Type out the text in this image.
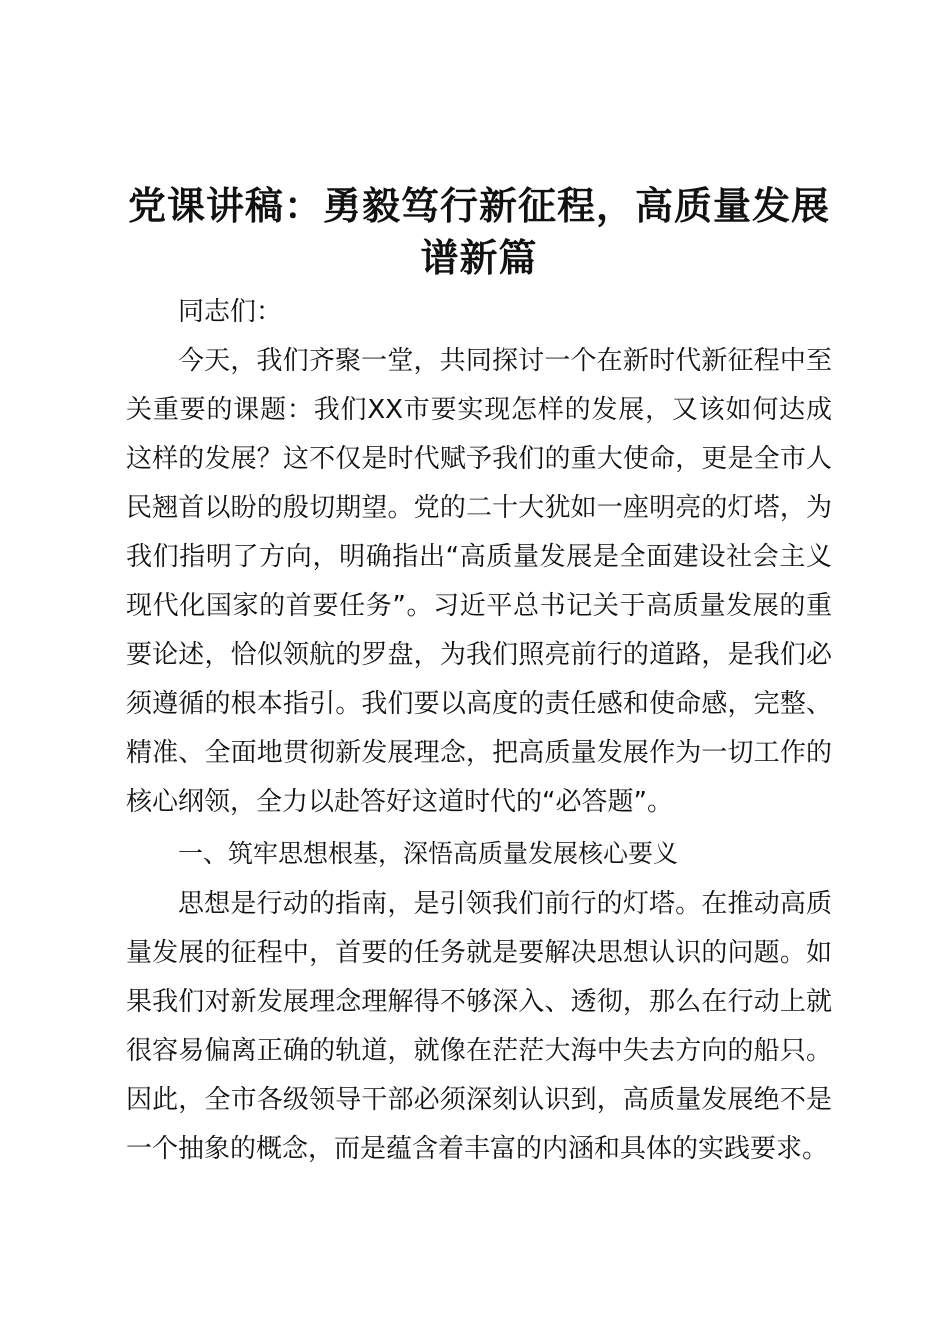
党课讲稿：勇毅笃行新征程，高质量发展谱新篇

同志们：

今天，我们齐聚一堂，共同探讨一个在新时代新征程中至关重要的课题：我们XX市要实现怎样的发展，又该如何达成这样的发展？这不仅是时代赋予我们的重大使命，更是全市人民翘首以盼的殷切期望。党的二十大犹如一座明亮的灯塔，为我们指明了方向，明确指出“高质量发展是全面建设社会主义现代化国家的首要任务”。习近平总书记关于高质量发展的重要论述，恰似领航的罗盘，为我们照亮前行的道路，是我们必须遵循的根本指引。我们要以高度的责任感和使命感，完整、精准、全面地贯彻新发展理念，把高质量发展作为一切工作的核心纲领，全力以赴答好这道时代的“必答题”。

一、筑牢思想根基，深悟高质量发展核心要义

思想是行动的指南，是引领我们前行的灯塔。在推动高质量发展的征程中，首要的任务就是要解决思想认识的问题。如果我们对新发展理念理解得不够深入、透彻，那么在行动上就很容易偏离正确的轨道，就像在茫茫大海中失去方向的船只。因此，全市各级领导干部必须深刻认识到，高质量发展绝不是一个抽象的概念，而是蕴含着丰富的内涵和具体的实践要求。
